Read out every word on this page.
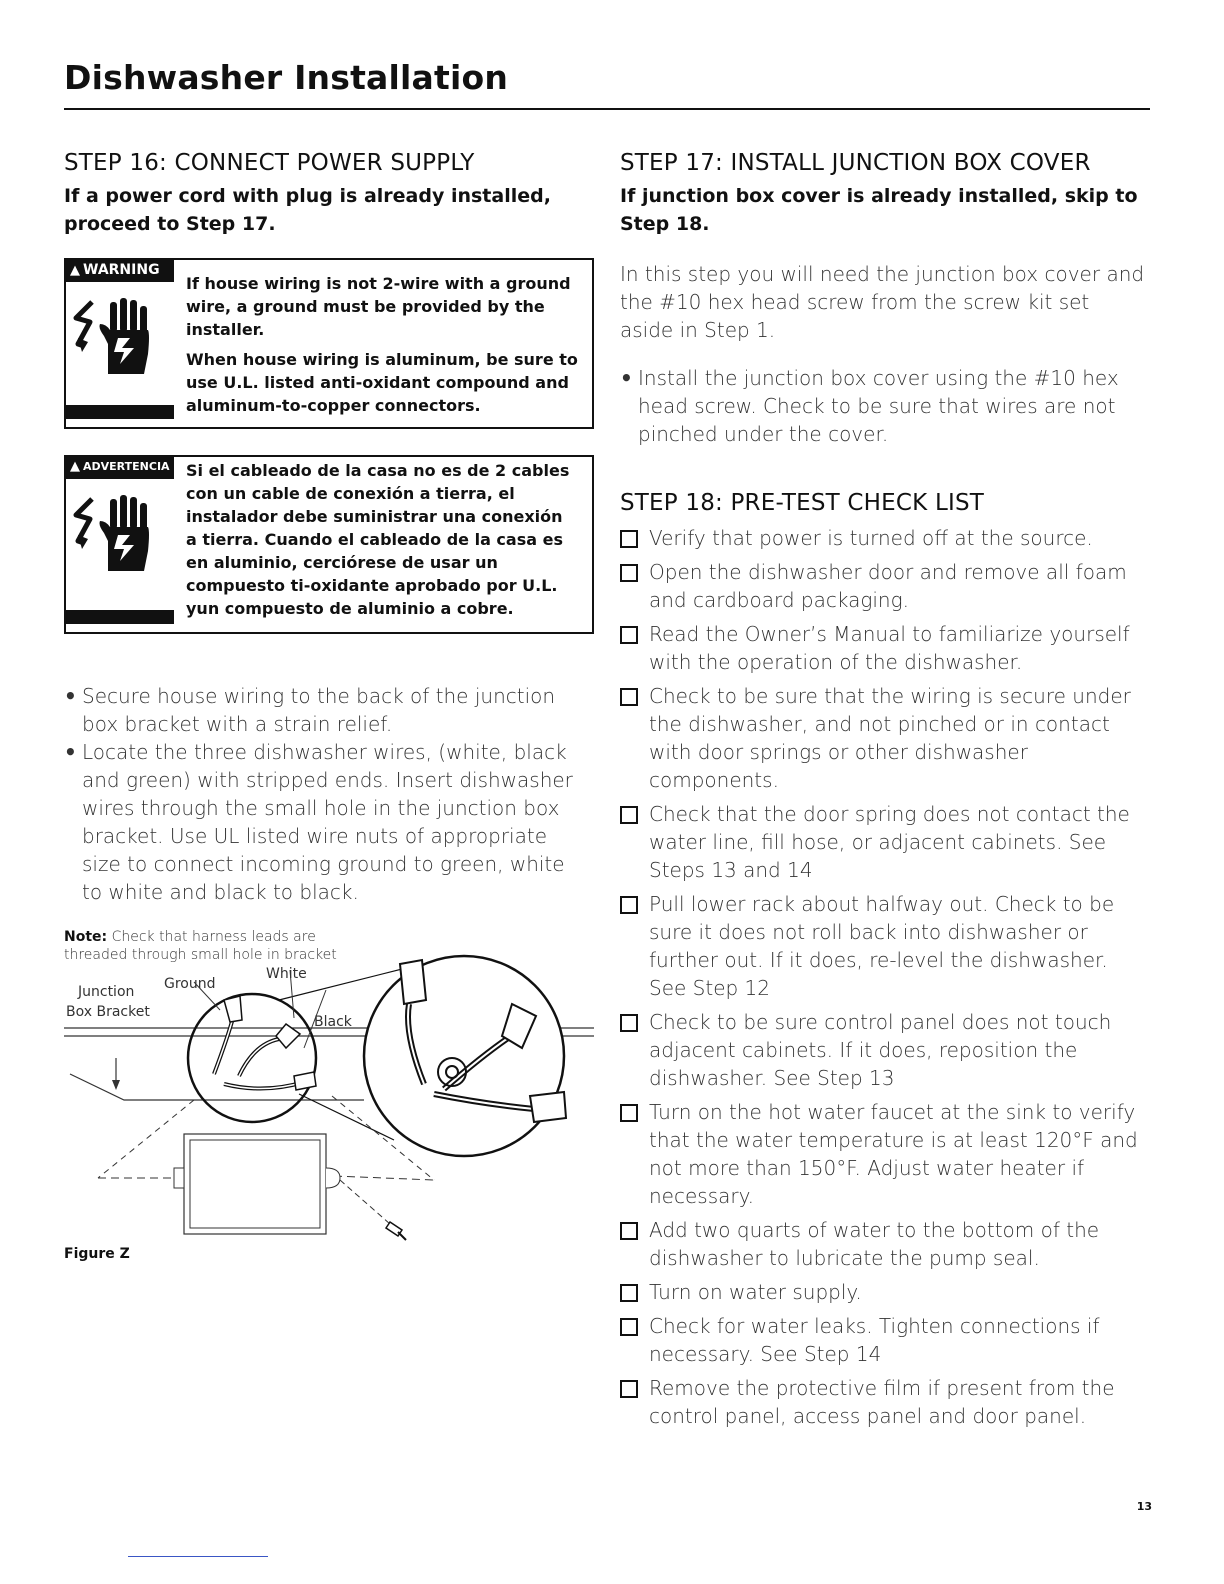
Dishwasher Installation
STEP 16: CONNECT POWER SUPPLY

If a power cord with plug is already installed, proceed to Step 17.

▲ WARNING

If house wiring is not 2-wire with a ground wire, a ground must be provided by the installer.

When house wiring is aluminum, be sure to use U.L. listed anti-oxidant compound and aluminum-to-copper connectors.

▲ ADVERTENCIA Si el cableado de la casa no es de 2 cables con un cable de conexión a tierra, el instalador debe suministrar una conexión a tierra. Cuando el cableado de la casa es en aluminio, cerciórese de usar un compuesto ti-oxidante aprobado por U.L. yun compuesto de aluminio a cobre.

• Secure house wiring to the back of the junction box bracket with a strain relief.
• Locate the three dishwasher wires, (white, black and green) with stripped ends. Insert dishwasher wires through the small hole in the junction box bracket. Use UL listed wire nuts of appropriate size to connect incoming ground to green, white to white and black to black.
Note: Check that harness leads are threaded through small hole in bracket
Junction
Box Bracket
Ground
White
Black
Figure Z
STEP 17: INSTALL JUNCTION BOX COVER

If junction box cover is already installed, skip to Step 18.

In this step you will need the junction box cover and the #10 hex head screw from the screw kit set aside in Step 1.

• Install the junction box cover using the #10 hex head screw. Check to be sure that wires are not pinched under the cover.
STEP 18: PRE-TEST CHECK LIST
Verify that power is turned off at the source.
Open the dishwasher door and remove all foam and cardboard packaging.
Read the Owner’s Manual to familiarize yourself with the operation of the dishwasher.
Check to be sure that the wiring is secure under the dishwasher, and not pinched or in contact with door springs or other dishwasher components.
Check that the door spring does not contact the water line, fill hose, or adjacent cabinets. See Steps 13 and 14
Pull lower rack about halfway out. Check to be sure it does not roll back into dishwasher or further out. If it does, re-level the dishwasher. See Step 12
Check to be sure control panel does not touch adjacent cabinets. If it does, reposition the dishwasher. See Step 13
Turn on the hot water faucet at the sink to verify that the water temperature is at least 120°F and not more than 150°F. Adjust water heater if necessary.
Add two quarts of water to the bottom of the dishwasher to lubricate the pump seal.
Turn on water supply.
Check for water leaks. Tighten connections if necessary. See Step 14
Remove the protective film if present from the control panel, access panel and door panel.
13
